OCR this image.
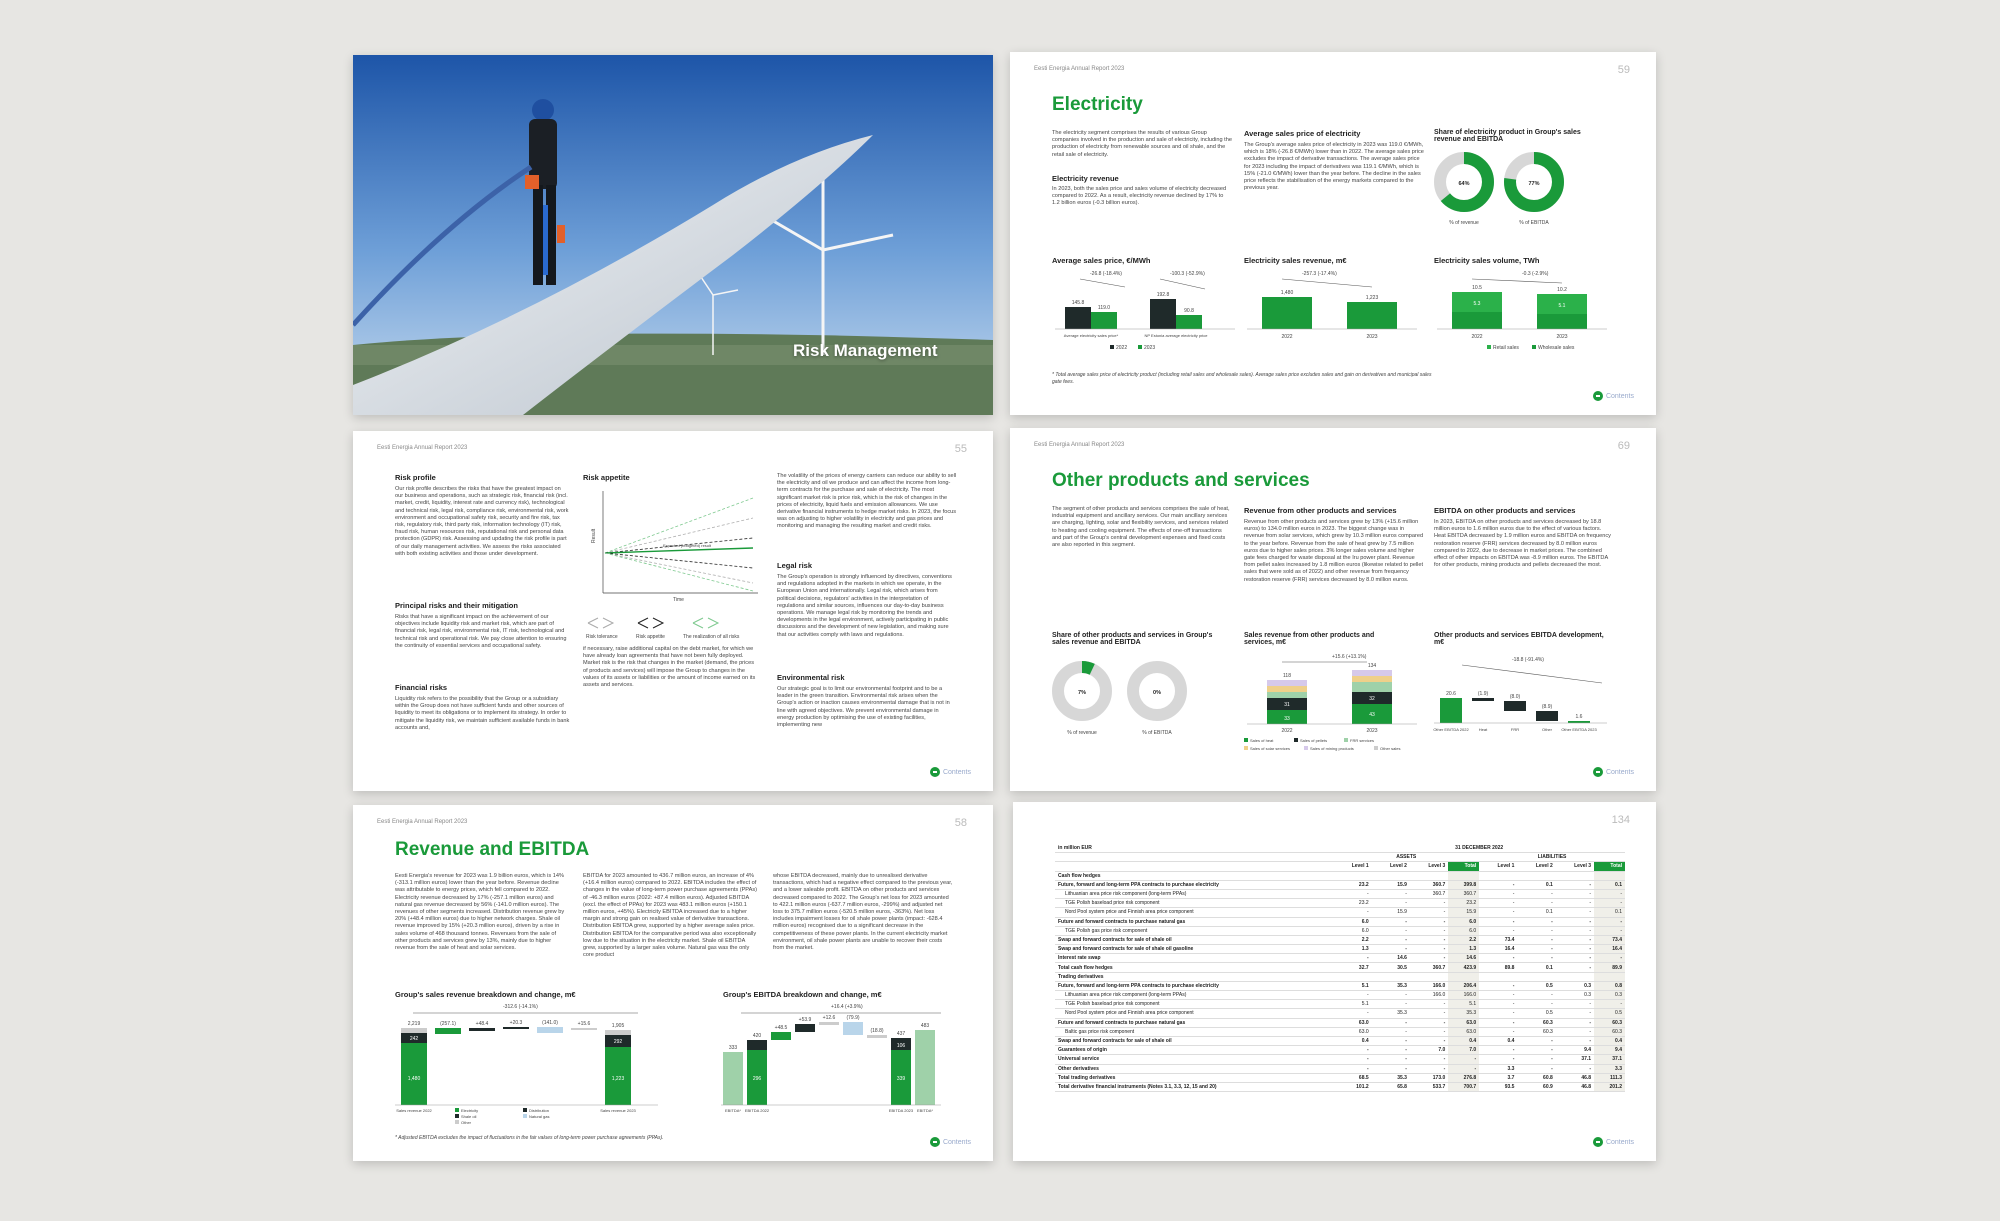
Risk Management
Eesti Energia Annual Report 2023	59
Electricity
The electricity segment comprises the results of various Group companies involved in the production and sale of electricity, including the production of electricity from renewable sources and oil shale, and the retail sale of electricity.
Electricity revenue
In 2023, both the sales price and sales volume of electricity decreased compared to 2022. As a result, electricity revenue declined by 17% to 1.2 billion euros (-0.3 billion euros).
Average sales price of electricity
The Group's average sales price of electricity in 2023 was 119.0 €/MWh, which is 18% (-26.8 €/MWh) lower than in 2022. The average sales price excludes the impact of derivative transactions. The average sales price for 2023 including the impact of derivatives was 119.1 €/MWh, which is 15% (-21.0 €/MWh) lower than the year before. The decline in the sales price reflects the stabilisation of the energy markets compared to the previous year.
Share of electricity product in Group's sales revenue and EBITDA
64%
% of revenue
77%
% of EBITDA
Average sales price, €/MWh
-26.8 (-18.4%)	-100.3 (-52.9%)
145.8
119.0
192.8
90.8
Average electricity sales price*	NP Estonia average electricity price
2022	2023
Electricity sales revenue, m€
-257.3 (-17.4%)
1,480
1,223
2022	2023
Electricity sales volume, TWh
-0.3 (-2.9%)
10.5	10.2
5.3	5.1
2022	2023
Retail sales	Wholesale sales
* Total average sales price of electricity product (including retail sales and wholesale sales). Average sales price excludes sales and gain on derivatives and municipal sales gate fees.
Contents
Eesti Energia Annual Report 2023	55
Risk profile
Our risk profile describes the risks that have the greatest impact on our business and operations, such as strategic risk, financial risk (incl. market, credit, liquidity, interest rate and currency risk), technological and technical risk, legal risk, compliance risk, environmental risk, work environment and occupational safety risk, security and fire risk, tax risk, regulatory risk, third party risk, information technology (IT) risk, fraud risk, human resources risk, reputational risk and personal data protection (GDPR) risk. Assessing and updating the risk profile is part of our daily management activities. We assess the risks associated with both existing activities and those under development.
Principal risks and their mitigation
Risks that have a significant impact on the achievement of our objectives include liquidity risk and market risk, which are part of financial risk, legal risk, environmental risk, IT risk, technological and technical risk and operational risk. We pay close attention to ensuring the continuity of essential services and occupational safety.
Financial risks
Liquidity risk refers to the possibility that the Group or a subsidiary within the Group does not have sufficient funds and other sources of liquidity to meet its obligations or to implement its strategy. In order to mitigate the liquidity risk, we maintain sufficient available funds in bank accounts and,
Risk appetite
Result
Time
Expected (budgeted) result
Risk tolerance	Risk appetite	The realization of all risks
if necessary, raise additional capital on the debt market, for which we have already loan agreements that have not been fully deployed. Market risk is the risk that changes in the market (demand, the prices of products and services) will impose the Group to changes in the values of its assets or liabilities or the amount of income earned on its assets and services.
The volatility of the prices of energy carriers can reduce our ability to sell the electricity and oil we produce and can affect the income from long-term contracts for the purchase and sale of electricity. The most significant market risk is price risk, which is the risk of changes in the prices of electricity, liquid fuels and emission allowances. We use derivative financial instruments to hedge market risks. In 2023, the focus was on adjusting to higher volatility in electricity and gas prices and monitoring and managing the resulting market and credit risks.
Legal risk
The Group's operation is strongly influenced by directives, conventions and regulations adopted in the markets in which we operate, in the European Union and internationally. Legal risk, which arises from political decisions, regulators' activities in the interpretation of regulations and similar sources, influences our day-to-day business operations. We manage legal risk by monitoring the trends and developments in the legal environment, actively participating in public discussions and the development of new legislation, and making sure that our activities comply with laws and regulations.
Environmental risk
Our strategic goal is to limit our environmental footprint and to be a leader in the green transition. Environmental risk arises when the Group's action or inaction causes environmental damage that is not in line with agreed objectives. We prevent environmental damage in energy production by optimising the use of existing facilities, implementing new
Contents
Eesti Energia Annual Report 2023	69
Other products and services
The segment of other products and services comprises the sale of heat, industrial equipment and ancillary services. Our main ancillary services are charging, lighting, solar and flexibility services, and services related to heating and cooling equipment. The effects of one-off transactions and part of the Group's central development expenses and fixed costs are also reported in this segment.
Revenue from other products and services
Revenue from other products and services grew by 13% (+15.6 million euros) to 134.0 million euros in 2023. The biggest change was in revenue from solar services, which grew by 10.3 million euros compared to the year before. Revenue from the sale of heat grew by 7.5 million euros due to higher sales prices. 3% longer sales volume and higher gate fees charged for waste disposal at the Iru power plant. Revenue from pellet sales increased by 1.8 million euros (likewise related to pellet sales that were sold as of 2022) and other revenue from frequency restoration reserve (FRR) services decreased by 8.0 million euros.
EBITDA on other products and services
In 2023, EBITDA on other products and services decreased by 18.8 million euros to 1.6 million euros due to the effect of various factors. Heat EBITDA decreased by 1.9 million euros and EBITDA on frequency restoration reserve (FRR) services decreased by 8.0 million euros compared to 2022, due to decrease in market prices. The combined effect of other impacts on EBITDA was -8.9 million euros. The EBITDA for other products, mining products and pellets decreased the most.
Share of other products and services in Group's sales revenue and EBITDA
7%
% of revenue
0%
% of EBITDA
Sales revenue from other products and services, m€
+15.6 (+13.1%)
118
134
31
32
33
43
2022	2023
Sales of heat	Sales of pellets	FRR services
Sales of solar services	Sales of mining products	Other sales
Other products and services EBITDA development, m€
-18.8 (-91.4%)
20.6	(1.9)	(8.0)
(8.9)
1.6
Other EBITDA 2022	Heat	FRR	Other Other EBITDA 2023
Contents
Eesti Energia Annual Report 2023	58
Revenue and EBITDA
Eesti Energia's revenue for 2023 was 1.9 billion euros, which is 14% (-313.1 million euros) lower than the year before. Revenue decline was attributable to energy prices, which fell compared to 2022. Electricity revenue decreased by 17% (-257.1 million euros) and natural gas revenue decreased by 56% (-141.0 million euros). The revenues of other segments increased. Distribution revenue grew by 20% (+48.4 million euros) due to higher network charges. Shale oil revenue improved by 15% (+20.3 million euros), driven by a rise in sales volume of 468 thousand tonnes. Revenues from the sale of other products and services grew by 13%, mainly due to higher revenue from the sale of heat and solar services.
EBITDA for 2023 amounted to 436.7 million euros, an increase of 4% (+16.4 million euros) compared to 2022. EBITDA includes the effect of changes in the value of long-term power purchase agreements (PPAs) of -46.3 million euros (2022: +87.4 million euros). Adjusted EBITDA (excl. the effect of PPAs) for 2023 was 483.1 million euros (+150.1 million euros, +45%). Electricity EBITDA increased due to a higher margin and strong gain on realised value of derivative transactions. Distribution EBITDA grew, supported by a higher average sales price. Distribution EBITDA for the comparative period was also exceptionally low due to the situation in the electricity market. Shale oil EBITDA grew, supported by a larger sales volume. Natural gas was the only core product
whose EBITDA decreased, mainly due to unrealised derivative transactions, which had a negative effect compared to the previous year, and a lower saleable profit. EBITDA on other products and services decreased compared to 2022. The Group's net loss for 2023 amounted to 422.1 million euros (-637.7 million euros, -299%) and adjusted net loss to 375.7 million euros (-520.5 million euros, -363%). Net loss includes impairment losses for oil shale power plants (impact: -628.4 million euros) recognised due to a significant decrease in the competitiveness of these power plants. In the current electricity market environment, oil shale power plants are unable to recover their costs from the market.
Group's sales revenue breakdown and change, m€
-312.6 (-14.1%)
2,219	(257.1)	+48.4	+20.3	(141.0)	+15.6	1,905
242
1,480
292
1,223
Sales revenue 2022	Sales revenue 2023
Electricity
Shale oil
Other
Distribution
Natural gas
Group's EBITDA breakdown and change, m€
+16.4 (+3.9%)
333
420
+48.5
+53.9 +12.6 (79.9)
(18.8)	437
483
296
106
339
EBITDA* EBITDA 2022	EBITDA 2023 EBITDA*
* Adjusted EBITDA excludes the impact of fluctuations in the fair values of long-term power purchase agreements (PPAs).
Contents
134
in million EUR	31 DECEMBER 2022							
	ASSETS				LIABILITIES			
	Level 1	Level 2	Level 3	Total	Level 1	Level 2	Level 3	Total
Cash flow hedges								
Future, forward and long-term PPA contracts to purchase electricity	23.2	15.9	360.7	399.8	-	0.1	-	0.1
Lithuanian area price risk component (long-term PPAs)	-	-	360.7	360.7	-	-	-	-
TGE Polish baseload price risk component	23.2	-	-	23.2	-	-	-	-
Nord Pool system price and Finnish area price component	-	15.9	-	15.9	-	0.1	-	0.1
Future and forward contracts to purchase natural gas	6.0	-	-	6.0	-	-	-	-
TGE Polish gas price risk component	6.0	-	-	6.0	-	-	-	-
Swap and forward contracts for sale of shale oil	2.2	-	-	2.2	73.4	-	-	73.4
Swap and forward contracts for sale of shale oil gasoline	1.3	-	-	1.3	16.4	-	-	16.4
Interest rate swap	-	14.6	-	14.6	-	-	-	-
Total cash flow hedges	32.7	30.5	360.7	423.9	89.8	0.1	-	89.9
Trading derivatives								
Future, forward and long-term PPA contracts to purchase electricity	5.1	35.3	166.0	206.4	-	0.5	0.3	0.8
Lithuanian area price risk component (long-term PPAs)	-	-	166.0	166.0	-	-	0.3	0.3
TGE Polish baseload price risk component	5.1	-	-	5.1	-	-	-	-
Nord Pool system price and Finnish area price component	-	35.3	-	35.3	-	0.5	-	0.5
Future and forward contracts to purchase natural gas	63.0	-	-	63.0	-	60.3	-	60.3
Baltic gas price risk component	63.0	-	-	63.0	-	60.3	-	60.3
Swap and forward contracts for sale of shale oil	0.4	-	-	0.4	0.4	-	-	0.4
Guarantees of origin	-	-	7.0	7.0	-	-	9.4	9.4
Universal service	-	-	-	-	-	-	37.1	37.1
Other derivatives	-	-	-	-	3.3	-	-	3.3
Total trading derivatives	68.5	35.3	173.0	276.8	3.7	60.8	46.8	111.3
Total derivative financial instruments (Notes 3.1, 3.3, 12, 15 and 20)	101.2	65.8	533.7	700.7	93.5	60.9	46.8	201.2
Contents
